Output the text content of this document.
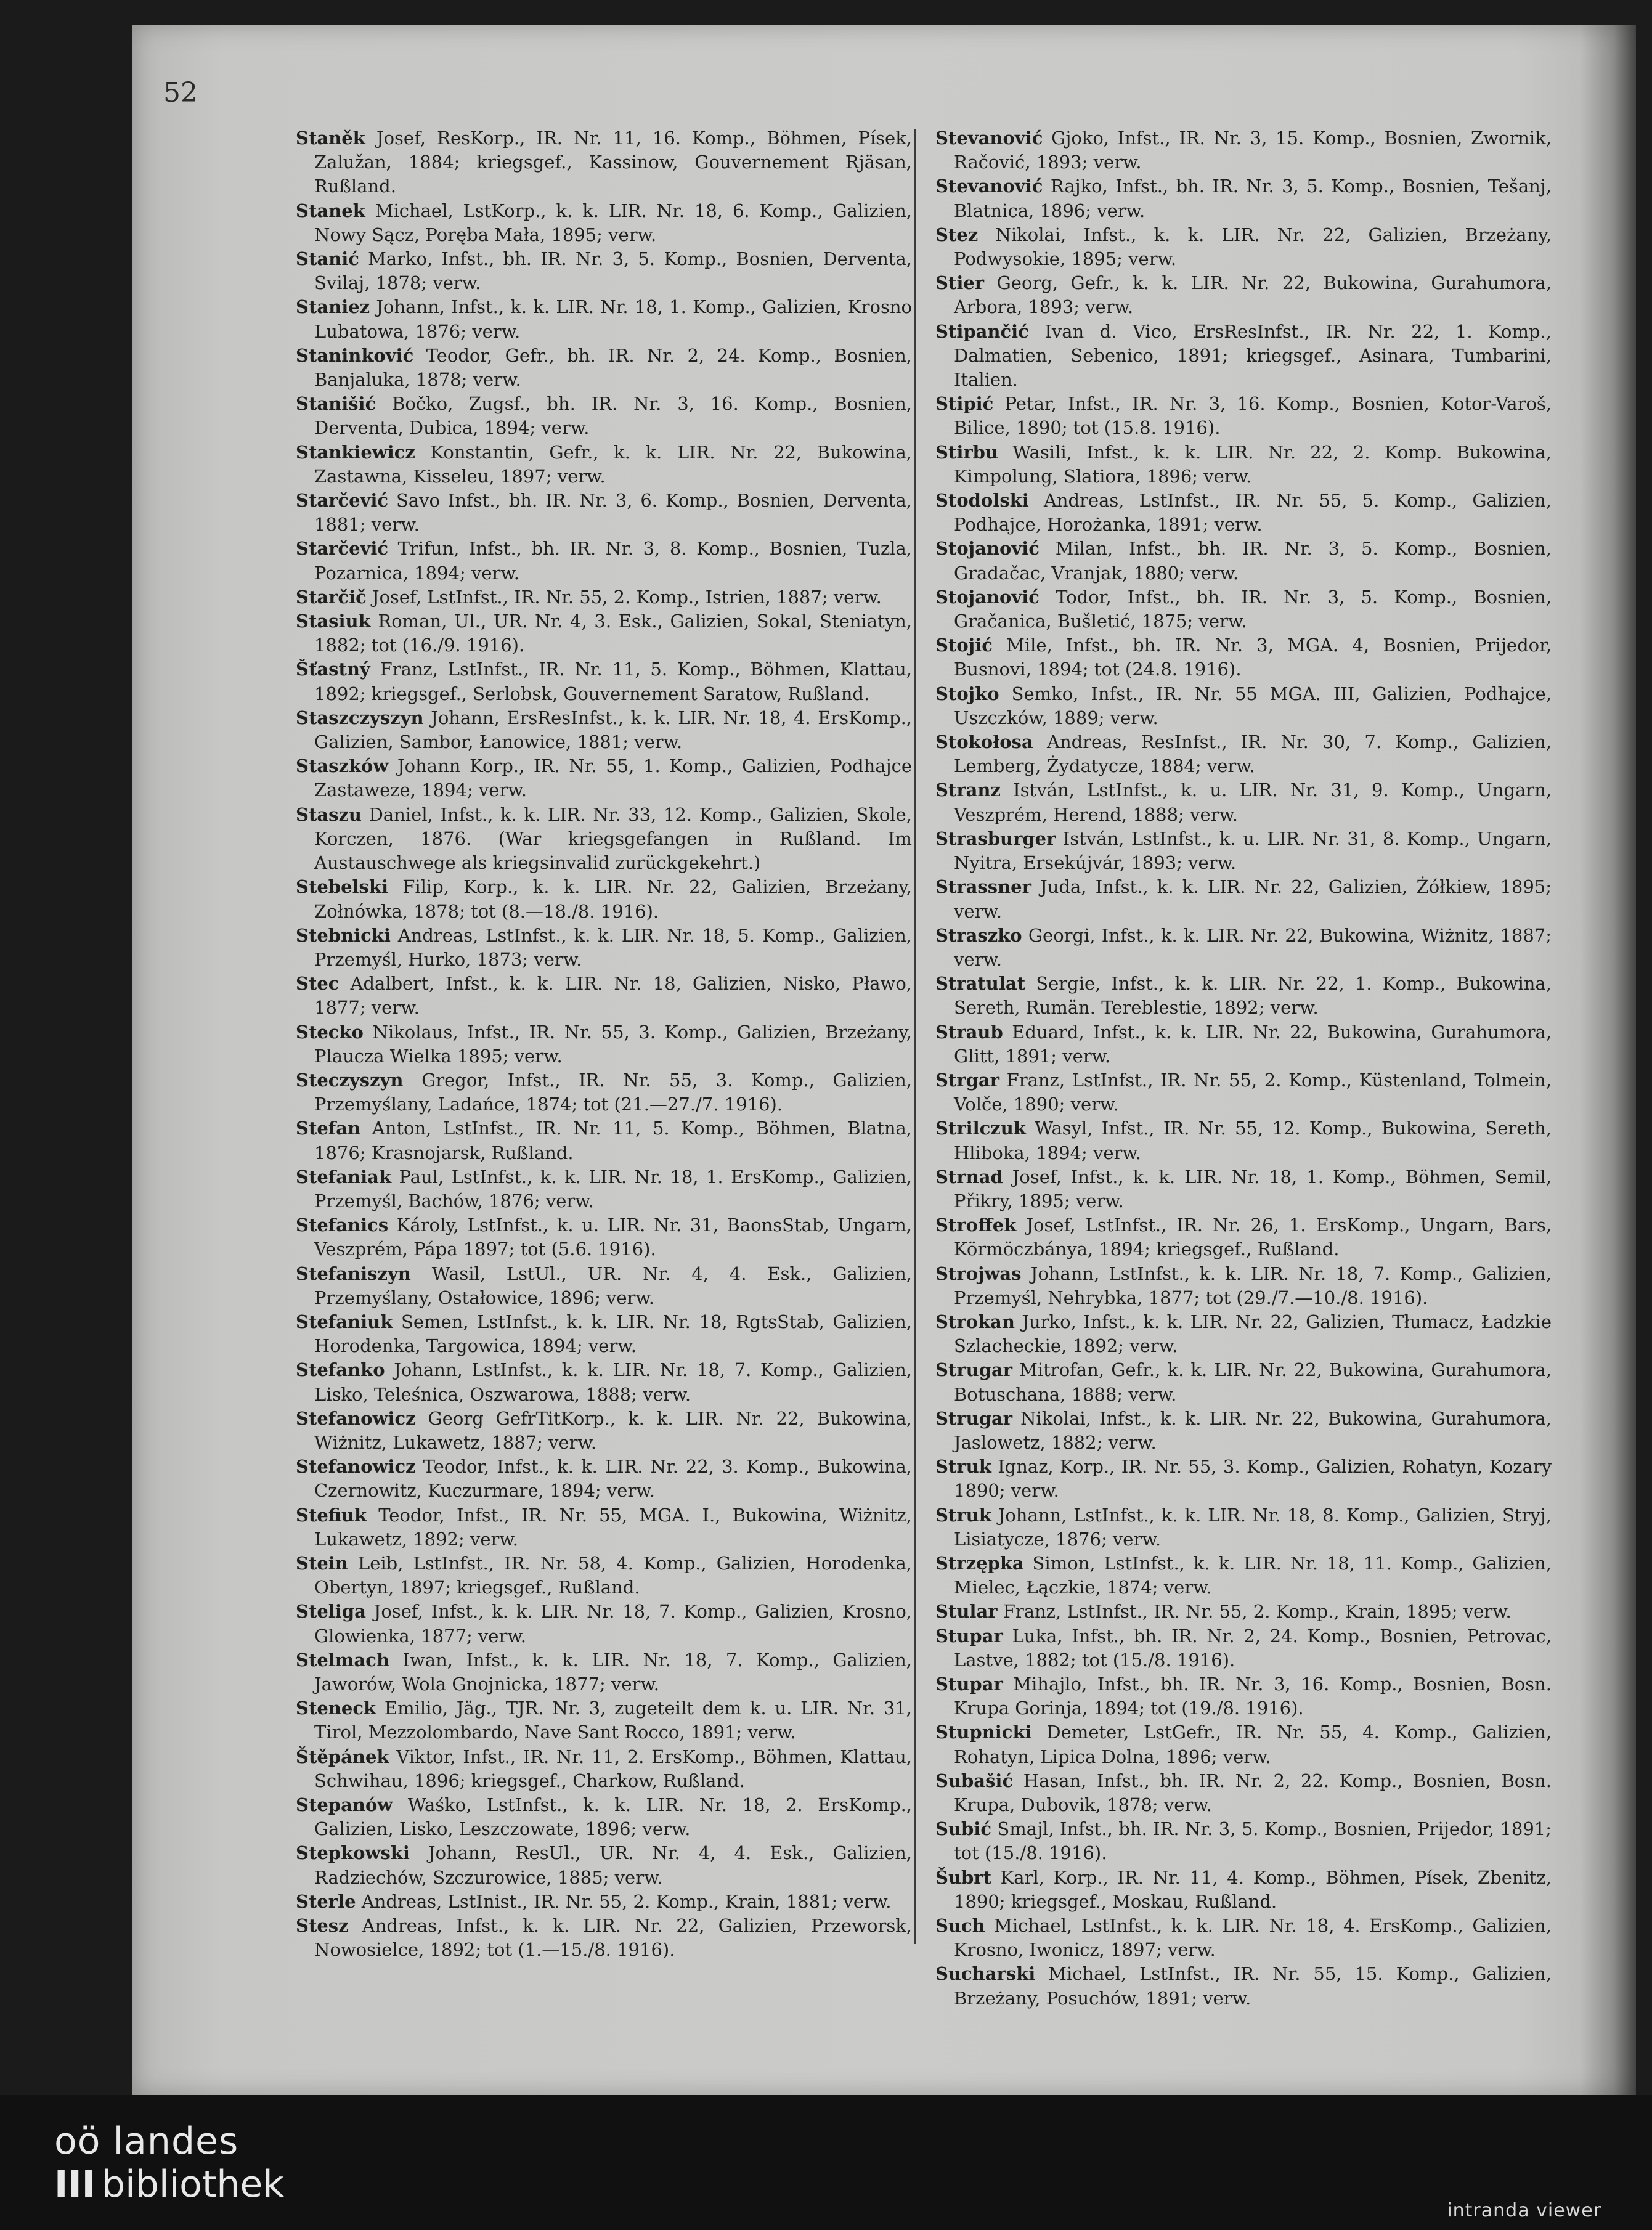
52
Staněk Josef, ResKorp., IR. Nr. 11, 16. Komp., Böhmen, Písek, Zalužan, 1884; kriegsgef., Kassinow, Gouvernement Rjäsan, Rußland.
Stanek Michael, LstKorp., k. k. LIR. Nr. 18, 6. Komp., Galizien, Nowy Sącz, Poręba Mała, 1895; verw.
Stanić Marko, Infst., bh. IR. Nr. 3, 5. Komp., Bosnien, Derventa, Svilaj, 1878; verw.
Staniez Johann, Infst., k. k. LIR. Nr. 18, 1. Komp., Galizien, Krosno Lubatowa, 1876; verw.
Staninković Teodor, Gefr., bh. IR. Nr. 2, 24. Komp., Bosnien, Banjaluka, 1878; verw.
Stanišić Bočko, Zugsf., bh. IR. Nr. 3, 16. Komp., Bosnien, Derventa, Dubica, 1894; verw.
Stankiewicz Konstantin, Gefr., k. k. LIR. Nr. 22, Bukowina, Zastawna, Kisseleu, 1897; verw.
Starčević Savo Infst., bh. IR. Nr. 3, 6. Komp., Bosnien, Derventa, 1881; verw.
Starčević Trifun, Infst., bh. IR. Nr. 3, 8. Komp., Bosnien, Tuzla, Pozarnica, 1894; verw.
Starčič Josef, LstInfst., IR. Nr. 55, 2. Komp., Istrien, 1887; verw.
Stasiuk Roman, Ul., UR. Nr. 4, 3. Esk., Galizien, Sokal, Steniatyn, 1882; tot (16./9. 1916).
Šťastný Franz, LstInfst., IR. Nr. 11, 5. Komp., Böhmen, Klattau, 1892; kriegsgef., Serlobsk, Gouvernement Saratow, Rußland.
Staszczyszyn Johann, ErsResInfst., k. k. LIR. Nr. 18, 4. ErsKomp., Galizien, Sambor, Łanowice, 1881; verw.
Staszków Johann Korp., IR. Nr. 55, 1. Komp., Galizien, Podhajce Zastaweze, 1894; verw.
Staszu Daniel, Infst., k. k. LIR. Nr. 33, 12. Komp., Galizien, Skole, Korczen, 1876. (War kriegsgefangen in Rußland. Im Austauschwege als kriegsinvalid zurückgekehrt.)
Stebelski Filip, Korp., k. k. LIR. Nr. 22, Galizien, Brzeżany, Zołnówka, 1878; tot (8.—18./8. 1916).
Stebnicki Andreas, LstInfst., k. k. LIR. Nr. 18, 5. Komp., Galizien, Przemyśl, Hurko, 1873; verw.
Stec Adalbert, Infst., k. k. LIR. Nr. 18, Galizien, Nisko, Pławo, 1877; verw.
Stecko Nikolaus, Infst., IR. Nr. 55, 3. Komp., Galizien, Brzeżany, Plaucza Wielka 1895; verw.
Steczyszyn Gregor, Infst., IR. Nr. 55, 3. Komp., Galizien, Przemyślany, Ladańce, 1874; tot (21.—27./7. 1916).
Stefan Anton, LstInfst., IR. Nr. 11, 5. Komp., Böhmen, Blatna, 1876; Krasnojarsk, Rußland.
Stefaniak Paul, LstInfst., k. k. LIR. Nr. 18, 1. ErsKomp., Galizien, Przemyśl, Bachów, 1876; verw.
Stefanics Károly, LstInfst., k. u. LIR. Nr. 31, BaonsStab, Ungarn, Veszprém, Pápa 1897; tot (5.6. 1916).
Stefaniszyn Wasil, LstUl., UR. Nr. 4, 4. Esk., Galizien, Przemyślany, Ostałowice, 1896; verw.
Stefaniuk Semen, LstInfst., k. k. LIR. Nr. 18, RgtsStab, Galizien, Horodenka, Targowica, 1894; verw.
Stefanko Johann, LstInfst., k. k. LIR. Nr. 18, 7. Komp., Galizien, Lisko, Teleśnica, Oszwarowa, 1888; verw.
Stefanowicz Georg GefrTitKorp., k. k. LIR. Nr. 22, Bukowina, Wiżnitz, Lukawetz, 1887; verw.
Stefanowicz Teodor, Infst., k. k. LIR. Nr. 22, 3. Komp., Bukowina, Czernowitz, Kuczurmare, 1894; verw.
Stefiuk Teodor, Infst., IR. Nr. 55, MGA. I., Bukowina, Wiżnitz, Lukawetz, 1892; verw.
Stein Leib, LstInfst., IR. Nr. 58, 4. Komp., Galizien, Horodenka, Obertyn, 1897; kriegsgef., Rußland.
Steliga Josef, Infst., k. k. LIR. Nr. 18, 7. Komp., Galizien, Krosno, Glowienka, 1877; verw.
Stelmach Iwan, Infst., k. k. LIR. Nr. 18, 7. Komp., Galizien, Jaworów, Wola Gnojnicka, 1877; verw.
Steneck Emilio, Jäg., TJR. Nr. 3, zugeteilt dem k. u. LIR. Nr. 31, Tirol, Mezzolombardo, Nave Sant Rocco, 1891; verw.
Štěpánek Viktor, Infst., IR. Nr. 11, 2. ErsKomp., Böhmen, Klattau, Schwihau, 1896; kriegsgef., Charkow, Rußland.
Stepanów Waśko, LstInfst., k. k. LIR. Nr. 18, 2. ErsKomp., Galizien, Lisko, Leszczowate, 1896; verw.
Stepkowski Johann, ResUl., UR. Nr. 4, 4. Esk., Galizien, Radziechów, Szczurowice, 1885; verw.
Sterle Andreas, LstInist., IR. Nr. 55, 2. Komp., Krain, 1881; verw.
Stesz Andreas, Infst., k. k. LIR. Nr. 22, Galizien, Przeworsk, Nowosielce, 1892; tot (1.—15./8. 1916).
Stevanović Gjoko, Infst., IR. Nr. 3, 15. Komp., Bosnien, Zwornik, Račović, 1893; verw.
Stevanović Rajko, Infst., bh. IR. Nr. 3, 5. Komp., Bosnien, Tešanj, Blatnica, 1896; verw.
Stez Nikolai, Infst., k. k. LIR. Nr. 22, Galizien, Brzeżany, Podwysokie, 1895; verw.
Stier Georg, Gefr., k. k. LIR. Nr. 22, Bukowina, Gurahumora, Arbora, 1893; verw.
Stipančić Ivan d. Vico, ErsResInfst., IR. Nr. 22, 1. Komp., Dalmatien, Sebenico, 1891; kriegsgef., Asinara, Tumbarini, Italien.
Stipić Petar, Infst., IR. Nr. 3, 16. Komp., Bosnien, Kotor-Varoš, Bilice, 1890; tot (15.8. 1916).
Stirbu Wasili, Infst., k. k. LIR. Nr. 22, 2. Komp. Bukowina, Kimpolung, Slatiora, 1896; verw.
Stodolski Andreas, LstInfst., IR. Nr. 55, 5. Komp., Galizien, Podhajce, Horożanka, 1891; verw.
Stojanović Milan, Infst., bh. IR. Nr. 3, 5. Komp., Bosnien, Gradačac, Vranjak, 1880; verw.
Stojanović Todor, Infst., bh. IR. Nr. 3, 5. Komp., Bosnien, Gračanica, Bušletić, 1875; verw.
Stojić Mile, Infst., bh. IR. Nr. 3, MGA. 4, Bosnien, Prijedor, Busnovi, 1894; tot (24.8. 1916).
Stojko Semko, Infst., IR. Nr. 55 MGA. III, Galizien, Podhajce, Uszczków, 1889; verw.
Stokołosa Andreas, ResInfst., IR. Nr. 30, 7. Komp., Galizien, Lemberg, Żydatycze, 1884; verw.
Stranz István, LstInfst., k. u. LIR. Nr. 31, 9. Komp., Ungarn, Veszprém, Herend, 1888; verw.
Strasburger István, LstInfst., k. u. LIR. Nr. 31, 8. Komp., Ungarn, Nyitra, Ersekújvár, 1893; verw.
Strassner Juda, Infst., k. k. LIR. Nr. 22, Galizien, Żółkiew, 1895; verw.
Straszko Georgi, Infst., k. k. LIR. Nr. 22, Bukowina, Wiżnitz, 1887; verw.
Stratulat Sergie, Infst., k. k. LIR. Nr. 22, 1. Komp., Bukowina, Sereth, Rumän. Tereblestie, 1892; verw.
Straub Eduard, Infst., k. k. LIR. Nr. 22, Bukowina, Gurahumora, Glitt, 1891; verw.
Strgar Franz, LstInfst., IR. Nr. 55, 2. Komp., Küstenland, Tolmein, Volče, 1890; verw.
Strilczuk Wasyl, Infst., IR. Nr. 55, 12. Komp., Bukowina, Sereth, Hliboka, 1894; verw.
Strnad Josef, Infst., k. k. LIR. Nr. 18, 1. Komp., Böhmen, Semil, Přikry, 1895; verw.
Stroffek Josef, LstInfst., IR. Nr. 26, 1. ErsKomp., Ungarn, Bars, Körmöczbánya, 1894; kriegsgef., Rußland.
Strojwas Johann, LstInfst., k. k. LIR. Nr. 18, 7. Komp., Galizien, Przemyśl, Nehrybka, 1877; tot (29./7.—10./8. 1916).
Strokan Jurko, Infst., k. k. LIR. Nr. 22, Galizien, Tłumacz, Ładzkie Szlacheckie, 1892; verw.
Strugar Mitrofan, Gefr., k. k. LIR. Nr. 22, Bukowina, Gurahumora, Botuschana, 1888; verw.
Strugar Nikolai, Infst., k. k. LIR. Nr. 22, Bukowina, Gurahumora, Jaslowetz, 1882; verw.
Struk Ignaz, Korp., IR. Nr. 55, 3. Komp., Galizien, Rohatyn, Kozary 1890; verw.
Struk Johann, LstInfst., k. k. LIR. Nr. 18, 8. Komp., Galizien, Stryj, Lisiatycze, 1876; verw.
Strzępka Simon, LstInfst., k. k. LIR. Nr. 18, 11. Komp., Galizien, Mielec, Łączkie, 1874; verw.
Stular Franz, LstInfst., IR. Nr. 55, 2. Komp., Krain, 1895; verw.
Stupar Luka, Infst., bh. IR. Nr. 2, 24. Komp., Bosnien, Petrovac, Lastve, 1882; tot (15./8. 1916).
Stupar Mihajlo, Infst., bh. IR. Nr. 3, 16. Komp., Bosnien, Bosn. Krupa Gorinja, 1894; tot (19./8. 1916).
Stupnicki Demeter, LstGefr., IR. Nr. 55, 4. Komp., Galizien, Rohatyn, Lipica Dolna, 1896; verw.
Subašić Hasan, Infst., bh. IR. Nr. 2, 22. Komp., Bosnien, Bosn. Krupa, Dubovik, 1878; verw.
Subić Smajl, Infst., bh. IR. Nr. 3, 5. Komp., Bosnien, Prijedor, 1891; tot (15./8. 1916).
Šubrt Karl, Korp., IR. Nr. 11, 4. Komp., Böhmen, Písek, Zbenitz, 1890; kriegsgef., Moskau, Rußland.
Such Michael, LstInfst., k. k. LIR. Nr. 18, 4. ErsKomp., Galizien, Krosno, Iwonicz, 1897; verw.
Sucharski Michael, LstInfst., IR. Nr. 55, 15. Komp., Galizien, Brzeżany, Posuchów, 1891; verw.
oö landes
III bibliothek
intranda viewer
